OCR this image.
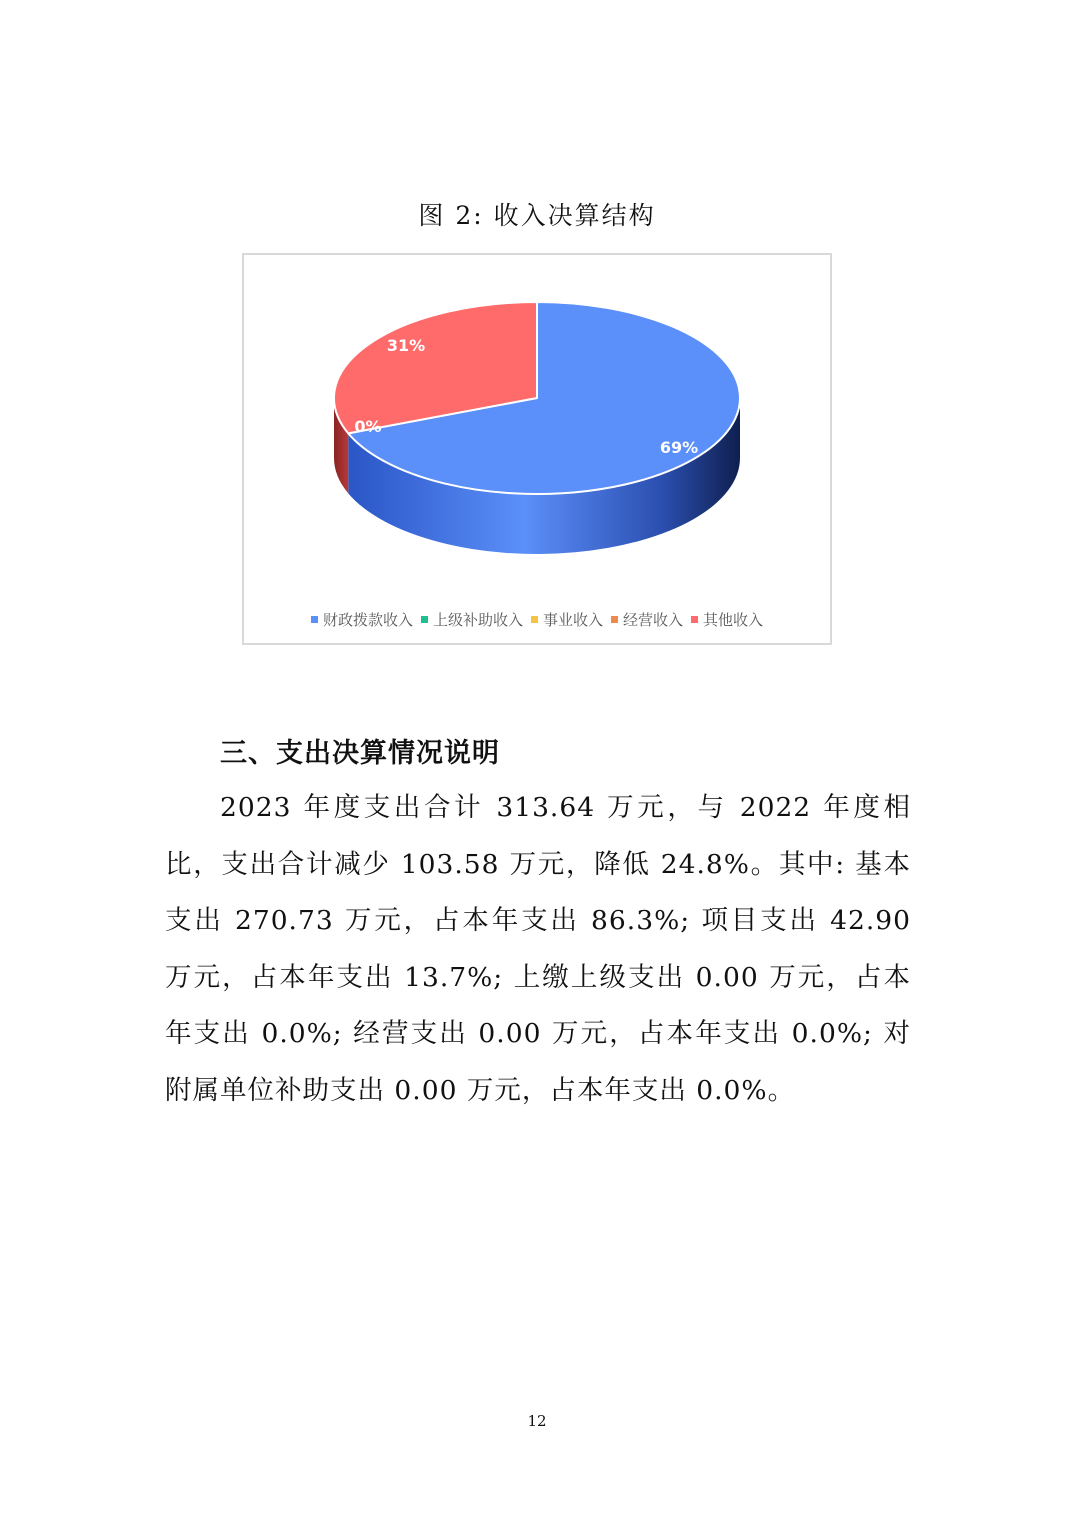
图 2: 收入决算结构
69%
0%
31%
财政拨款收入 上级补助收入 事业收入 经营收入 其他收入
三、支出决算情况说明
2023 年度支出合计 313.64 万元，与 2022 年度相比，支出合计减少 103.58 万元，降低 24.8%。其中: 基本支出 270.73 万元，占本年支出 86.3%; 项目支出 42.90 万元，占本年支出 13.7%; 上缴上级支出 0.00 万元，占本年支出 0.0%; 经营支出 0.00 万元，占本年支出 0.0%; 对附属单位补助支出 0.00 万元，占本年支出 0.0%。
12
